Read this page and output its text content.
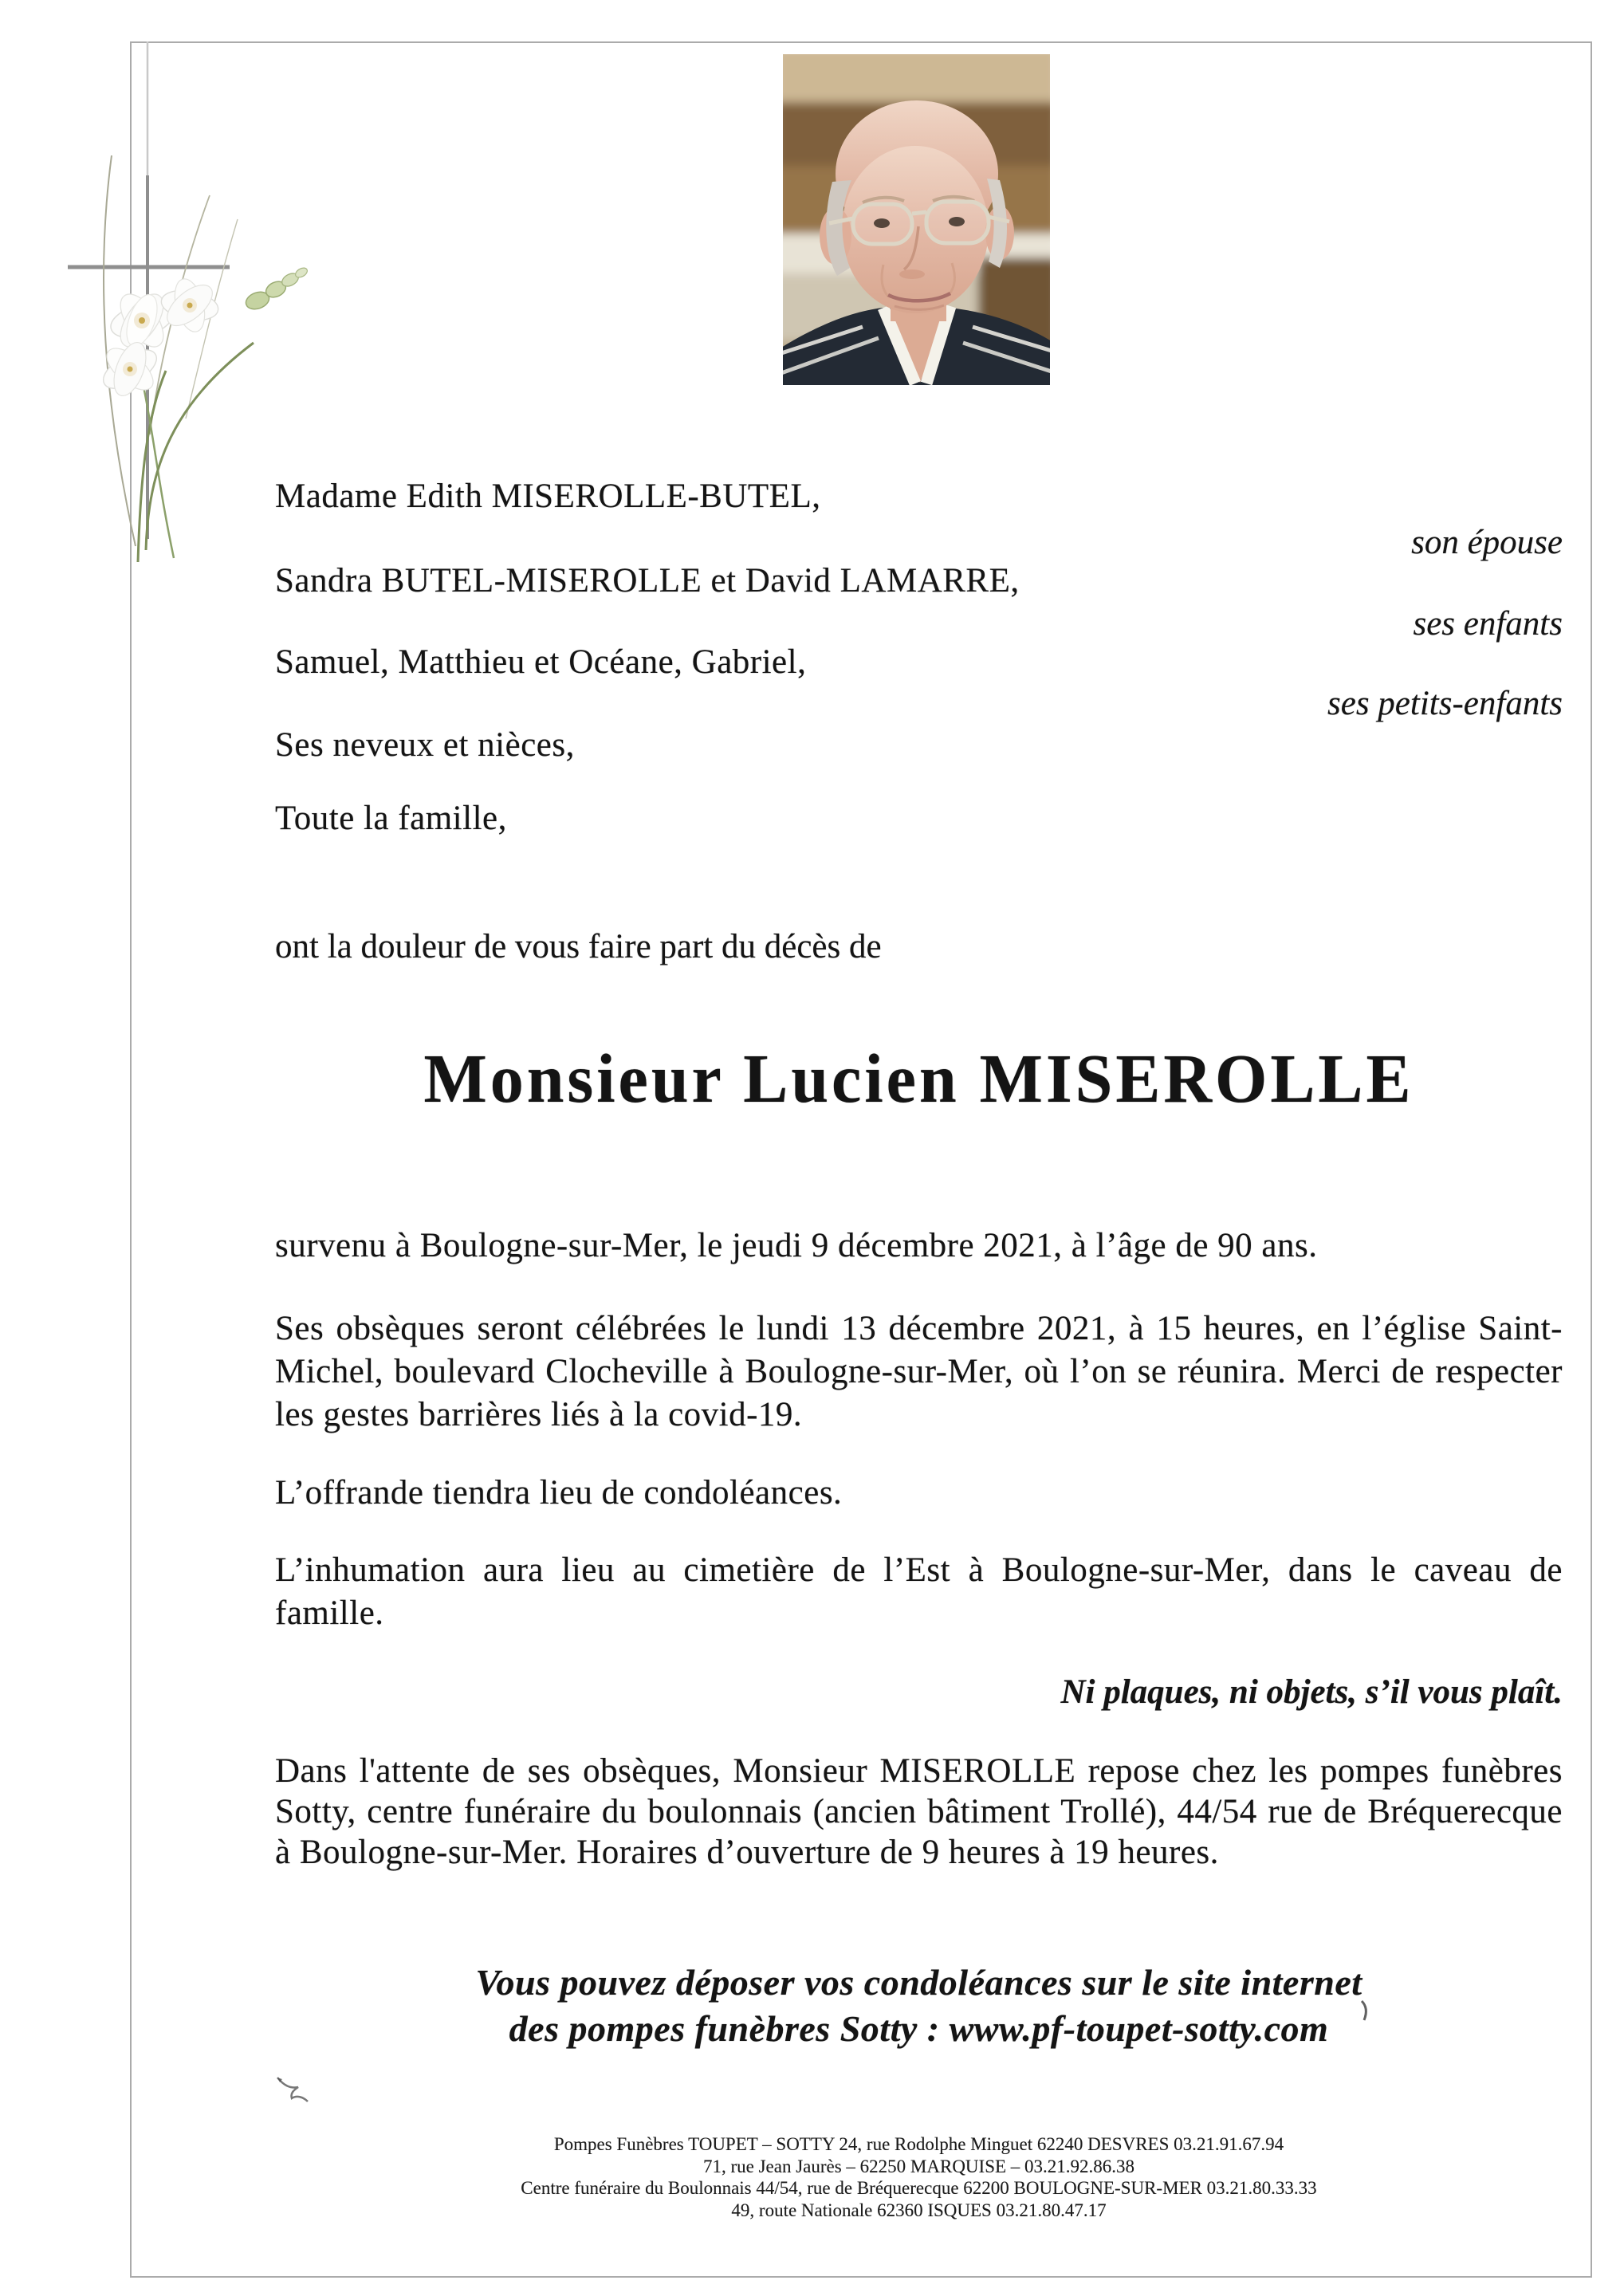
Madame Edith MISEROLLE-BUTEL,
son épouse
Sandra BUTEL-MISEROLLE et David LAMARRE,
ses enfants
Samuel, Matthieu et Océane, Gabriel,
ses petits-enfants
Ses neveux et nièces,
Toute la famille,
ont la douleur de vous faire part du décès de
Monsieur Lucien MISEROLLE
survenu à Boulogne-sur-Mer, le jeudi 9 décembre 2021, à l’âge de 90 ans.
Ses obsèques seront célébrées le lundi 13 décembre 2021, à 15 heures, en l’église Saint-Michel, boulevard Clocheville à Boulogne-sur-Mer, où l’on se réunira. Merci de respecter les gestes barrières liés à la covid-19.
L’offrande tiendra lieu de condoléances.
L’inhumation aura lieu au cimetière de l’Est à Boulogne-sur-Mer, dans le caveau de famille.
Ni plaques, ni objets, s’il vous plaît.
Dans l'attente de ses obsèques, Monsieur MISEROLLE repose chez les pompes funèbres Sotty, centre funéraire du boulonnais (ancien bâtiment Trollé), 44/54 rue de Bréquerecque à Boulogne-sur-Mer. Horaires d’ouverture de 9 heures à 19 heures.
Vous pouvez déposer vos condoléances sur le site internet
des pompes funèbres Sotty : www.pf-toupet-sotty.com
Pompes Funèbres TOUPET – SOTTY 24, rue Rodolphe Minguet 62240 DESVRES 03.21.91.67.94
71, rue Jean Jaurès – 62250 MARQUISE – 03.21.92.86.38
Centre funéraire du Boulonnais 44/54, rue de Bréquerecque 62200 BOULOGNE-SUR-MER 03.21.80.33.33
49, route Nationale 62360 ISQUES 03.21.80.47.17
